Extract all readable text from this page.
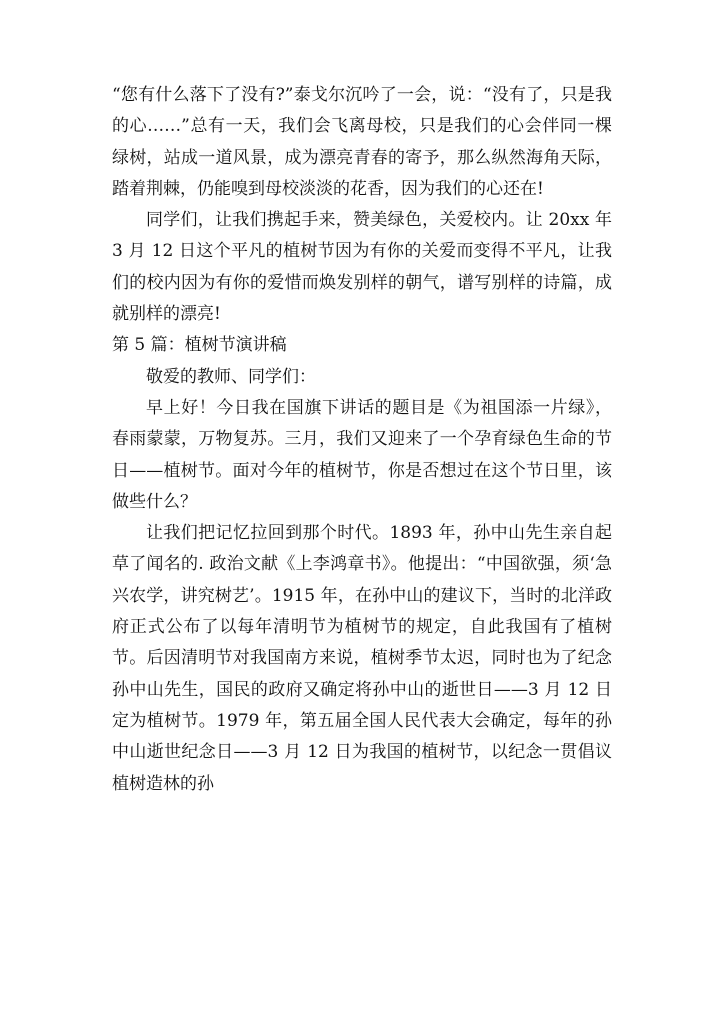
“您有什么落下了没有?”泰戈尔沉吟了一会，说：“没有了，只是我的心……”总有一天，我们会飞离母校，只是我们的心会伴同一棵绿树，站成一道风景，成为漂亮青春的寄予，那么纵然海角天际，踏着荆棘，仍能嗅到母校淡淡的花香，因为我们的心还在!

同学们，让我们携起手来，赞美绿色，关爱校内。让 20xx 年 3 月 12 日这个平凡的植树节因为有你的关爱而变得不平凡，让我们的校内因为有你的爱惜而焕发别样的朝气，谱写别样的诗篇，成就别样的漂亮!

第 5 篇：植树节演讲稿

敬爱的教师、同学们：

早上好！今日我在国旗下讲话的题目是《为祖国添一片绿》，春雨蒙蒙，万物复苏。三月，我们又迎来了一个孕育绿色生命的节日——植树节。面对今年的植树节，你是否想过在这个节日里，该做些什么？

让我们把记忆拉回到那个时代。1893 年，孙中山先生亲自起草了闻名的. 政治文献《上李鸿章书》。他提出：“中国欲强，须‘急兴农学，讲究树艺’。1915 年，在孙中山的建议下，当时的北洋政府正式公布了以每年清明节为植树节的规定，自此我国有了植树节。后因清明节对我国南方来说，植树季节太迟，同时也为了纪念孙中山先生，国民的政府又确定将孙中山的逝世日——3 月 12 日定为植树节。1979 年，第五届全国人民代表大会确定，每年的孙中山逝世纪念日——3 月 12 日为我国的植树节，以纪念一贯倡议植树造林的孙
